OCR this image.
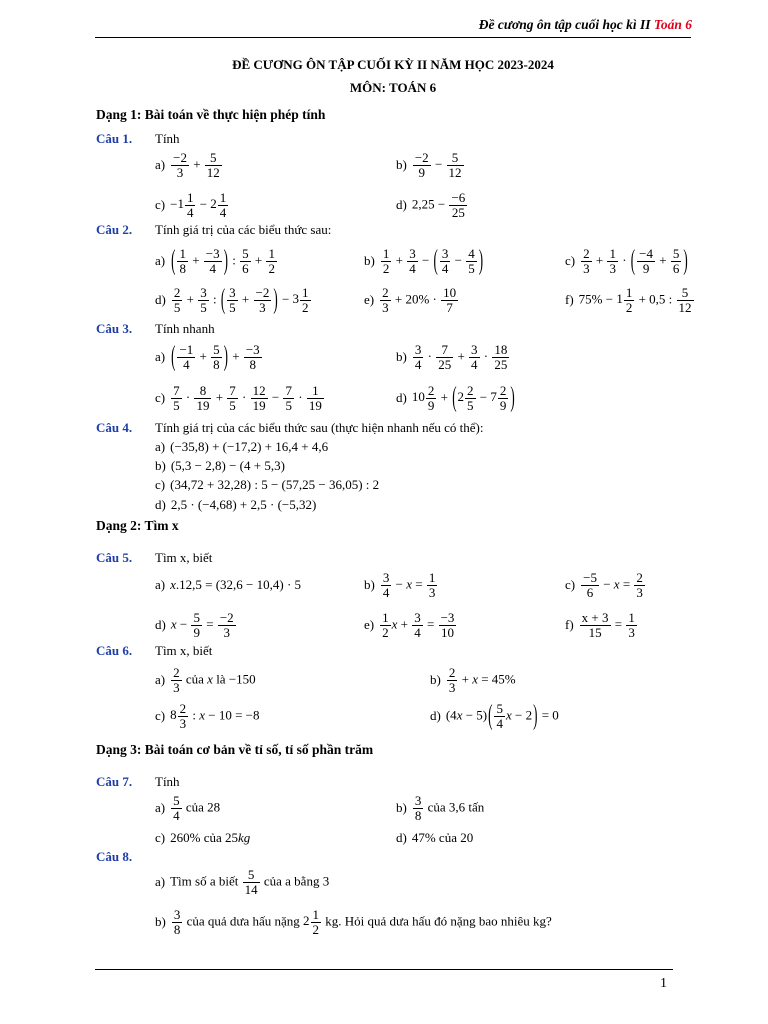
Đề cương ôn tập cuối học kì II Toán 6
ĐỀ CƯƠNG ÔN TẬP CUỐI KỲ II NĂM HỌC 2023-2024
MÔN: TOÁN 6
Dạng 1: Bài toán về thực hiện phép tính
Câu 1. Tính
$a) \frac{-2}{3} + \frac{5}{12}$	$b) \frac{-2}{9} - \frac{5}{12}$
$c) -1 \frac{1}{4} - 2 \frac{1}{4}$	d) $2,25 - \frac{-6}{25}$
Câu 2. Tính giá trị của các biểu thức sau:
a) ( $\frac{1}{8} + \frac{-3}{4}$ ) : $\frac{5}{6} + \frac{1}{2}$	$b) \frac{1}{2} + \frac{3}{4}$ − ( $\frac{3}{4} - \frac{4}{5}$ )	$c) \frac{2}{3} + \frac{1}{3}$ · ( $\frac{-4}{9} + \frac{5}{6}$ )
$d) \frac{2}{5} + \frac{3}{5}$ : ( $\frac{3}{5} + \frac{-2}{3}$ ) − $3 \frac{1}{2}$	$e) \frac{2}{3} + 20\% \cdot \frac{10}{7}$	f) $75\% - 1 \frac{1}{2} + 0,5$ : $\frac{5}{12}$
Câu 3. Tính nhanh
a) ( $\frac{-1}{4} + \frac{5}{8}$ ) + $\frac{-3}{8}$	$b) \frac{3}{4} \cdot \frac{7}{25} + \frac{3}{4} \cdot \frac{18}{25}$
$c) \frac{7}{5} \cdot \frac{8}{19} + \frac{7}{5} \cdot \frac{12}{19} - \frac{7}{5} \cdot \frac{1}{19}$	d) $10 \frac{2}{9} + (2 \frac{2}{5} - 7 \frac{2}{9}$ )
Câu 4. Tính giá trị của các biểu thức sau (thực hiện nhanh nếu có thể):
a) (−35,8) + (−17,2) + 16,4 + 4,6
b) (5,3 − 2,8) − (4 + 5,3)
c) (34,72 + 32,28) : 5 − (57,25 − 36,05) : 2
d) 2,5 · (−4,68) + 2,5 · (−5,32)
Dạng 2: Tìm x
Câu 5. Tìm x, biết
a) x.12,5 = (32,6 − 10,4) · 5	$b) \frac{3}{4} - x = \frac{1}{3}$	$c) \frac{-5}{6} - x = \frac{2}{3}$
d) $x - \frac{5}{9} = \frac{-2}{3}$	$e) \frac{1}{2}$ $x + \frac{3}{4} = \frac{-3}{10}$	$f) \frac{x + 3}{15} = \frac{1}{3}$
Câu 6. Tìm x, biết
$a) \frac{2}{3}$ của x là −150	$b) \frac{2}{3} + x = 45\%$
c) $8 \frac{2}{3}$ : x − 10 = −8	d) $(4x - 5)( \frac{5}{4}$ x − 2) = 0
Dạng 3: Bài toán cơ bản về tỉ số, tỉ số phần trăm
Câu 7. Tính
$a) \frac{5}{4}$ của 28	$b) \frac{3}{8}$ của 3,6 tấn
c) 260% của 25kg	d) 47% của 20
Câu 8.
a) Tìm số a biết $\frac{5}{14}$ của a bằng 3
$b) \frac{3}{8}$ của quả dưa hấu nặng $2 \frac{1}{2}$ kg. Hỏi quả dưa hấu đó nặng bao nhiêu kg?
1
